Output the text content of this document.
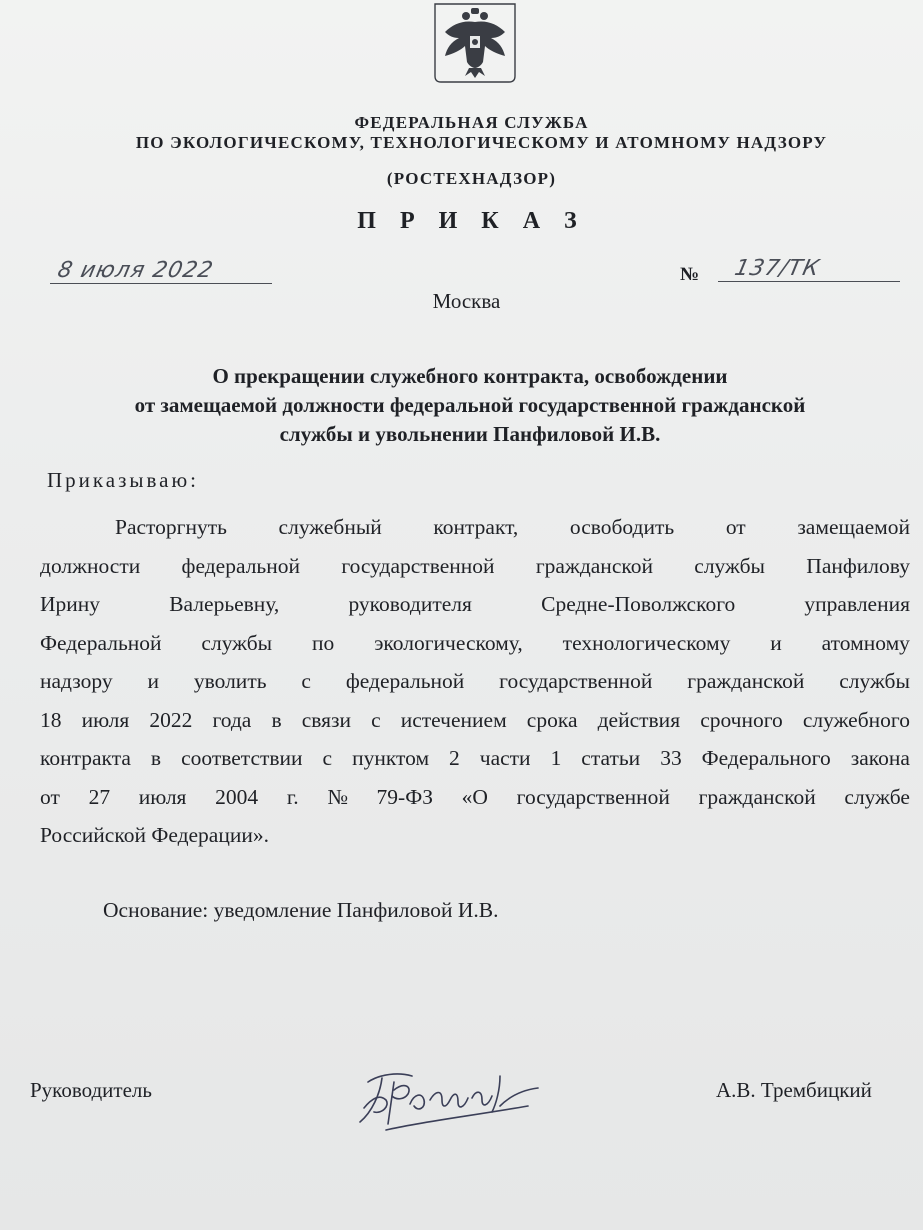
ФЕДЕРАЛЬНАЯ СЛУЖБА
ПО ЭКОЛОГИЧЕСКОМУ, ТЕХНОЛОГИЧЕСКОМУ И АТОМНОМУ НАДЗОРУ
(РОСТЕХНАДЗОР)
П Р И К А З
8 июля 2022	№ 137/ТК
Москва
О прекращении служебного контракта, освобождении
от замещаемой должности федеральной государственной гражданской
службы и увольнении Панфиловой И.В.
Приказываю:
Расторгнуть служебный контракт, освободить от замещаемой
должности федеральной государственной гражданской службы Панфилову
Ирину	Валерьевну,	руководителя	Средне-Поволжского	управления
Федеральной службы по экологическому, технологическому и атомному
надзору и уволить с федеральной государственной гражданской службы
18 июля 2022 года в связи с истечением срока действия срочного служебного
контракта в соответствии с пунктом 2 части 1 статьи 33 Федерального закона
от 27 июля 2004 г. № 79-ФЗ «О государственной гражданской службе
Российской Федерации».
Основание: уведомление Панфиловой И.В.
Руководитель	А.В. Трембицкий
